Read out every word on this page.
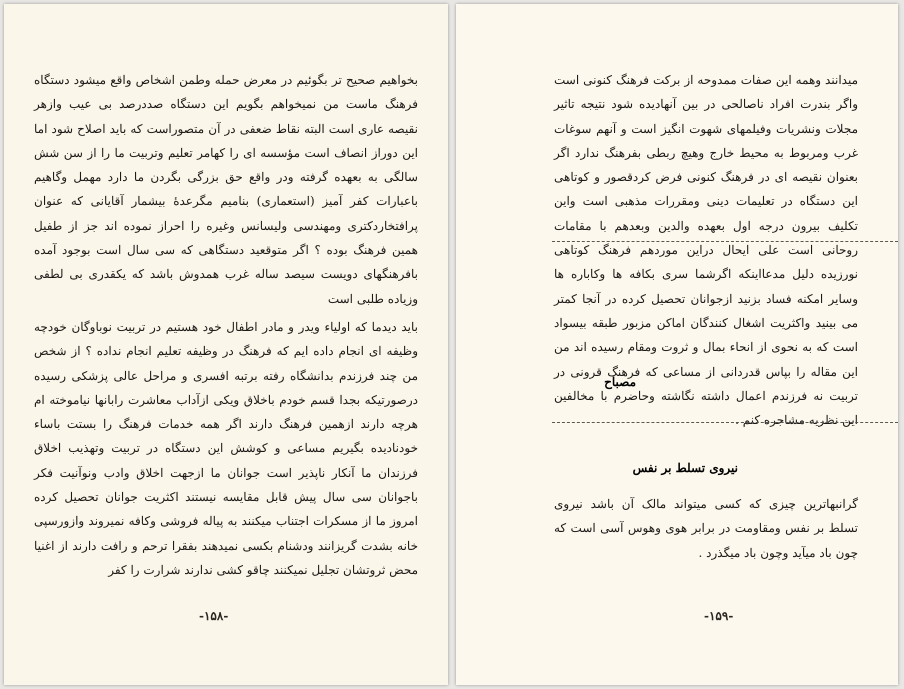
بخواهیم صحیح تر بگوئیم در معرض حمله وطمن اشخاص واقع میشود دستگاه فرهنگ ماست من نمیخواهم بگویم این دستگاه صددرصد بی عیب وازهر نقیصه عاری است البته نقاط ضعفی در آن متصوراست که باید اصلاح شود اما این دوراز انصاف است مؤسسه ای را کهامر تعلیم وتربیت ما را از سن شش سالگی به بعهده گرفته ودر واقع حق بزرگی بگردن ما دارد مهمل وگاهیم باعبارات کفر آمیز (استعماری) بنامیم مگرعدهٔ بیشمار آقایانی که عنوان پرافتخاردکتری ومهندسی ولیسانس وغیره را احراز نموده اند جز از طفیل همین فرهنگ بوده ؟ اگر متوقعید دستگاهی که سی سال است بوجود آمده بافرهنگهای دویست سیصد ساله غرب همدوش باشد که یکقدری بی لطفی وزیاده طلبی است

باید دیدما که اولیاء ویدر و مادر اطفال خود هستیم در تربیت نوباوگان خودچه وظیفه ای انجام داده ایم که فرهنگ در وظیفه تعلیم انجام نداده ؟ از شخص من چند فرزندم بدانشگاه رفته برتبه افسری و مراحل عالی پزشکی رسیده درصورتیکه بجدا قسم خودم باخلاق ویکی ازآداب معاشرت رابانها نیاموخته ام هرچه دارند ازهمین فرهنگ دارند اگر همه خدمات فرهنگ را بستت باساء خودنادیده بگیریم مساعی و کوشش این دستگاه در تربیت وتهذیب اخلاق فرزندان ما آنکار ناپذیر است جوانان ما ازجهت اخلاق وادب ونوآنیت فکر باجوانان سی سال پیش قابل مقایسه نیستند اکثریت جوانان تحصیل کرده امروز ما از مسکرات اجتناب میکنند به پیاله فروشی وکافه نمیروند وازورسپی خانه بشدت گریزانند ودشنام بکسی نمیدهند بفقرا ترحم و رافت دارند از اغنیا محض ثروتشان تجلیل نمیکنند چاقو کشی ندارند شرارت را کفر

-۱۵۸-

میدانند وهمه این صفات ممدوحه از برکت فرهنگ کنونی است واگر بندرت افراد ناصالحی در بین آنهادیده شود نتیجه تاثیر مجلات ونشریات وفیلمهای شهوت انگیز است و آنهم سوغات غرب ومربوط به محیط خارج وهیچ ربطی بفرهنگ ندارد اگر بعنوان نقیصه ای در فرهنگ کنونی فرض کردقصور و کوتاهی این دستگاه در تعلیمات دینی ومقررات مذهبی است واین تکلیف بیرون درجه اول بعهده والدین وبعدهم با مقامات روحانی است علی ایحال دراین موردهم فرهنگ کوتاهی نورزیده دلیل مدعااینکه اگرشما سری بکافه ها وکاباره ها وسایر امکنه فساد بزنید ازجوانان تحصیل کرده در آنجا کمتر می بینید واکثریت اشغال کنندگان اماکن مزبور طبقه بیسواد است که به نحوی از انحاء بمال و ثروت ومقام رسیده اند من این مقاله را بپاس قدردانی از مساعی که فرهنگ قرونی در تربیت نه فرزندم اعمال داشته نگاشته وحاضرم با مخالفین این نظریه مشاجره کنم .

مصباح
نیروی تسلط بر نفس

گرانبهاترین چیزی که کسی میتواند مالک آن باشد نیروی تسلط بر نفس ومقاومت در برابر هوی وهوس آسی است که چون باد میآید وچون باد میگذرد .

-۱۵۹-
